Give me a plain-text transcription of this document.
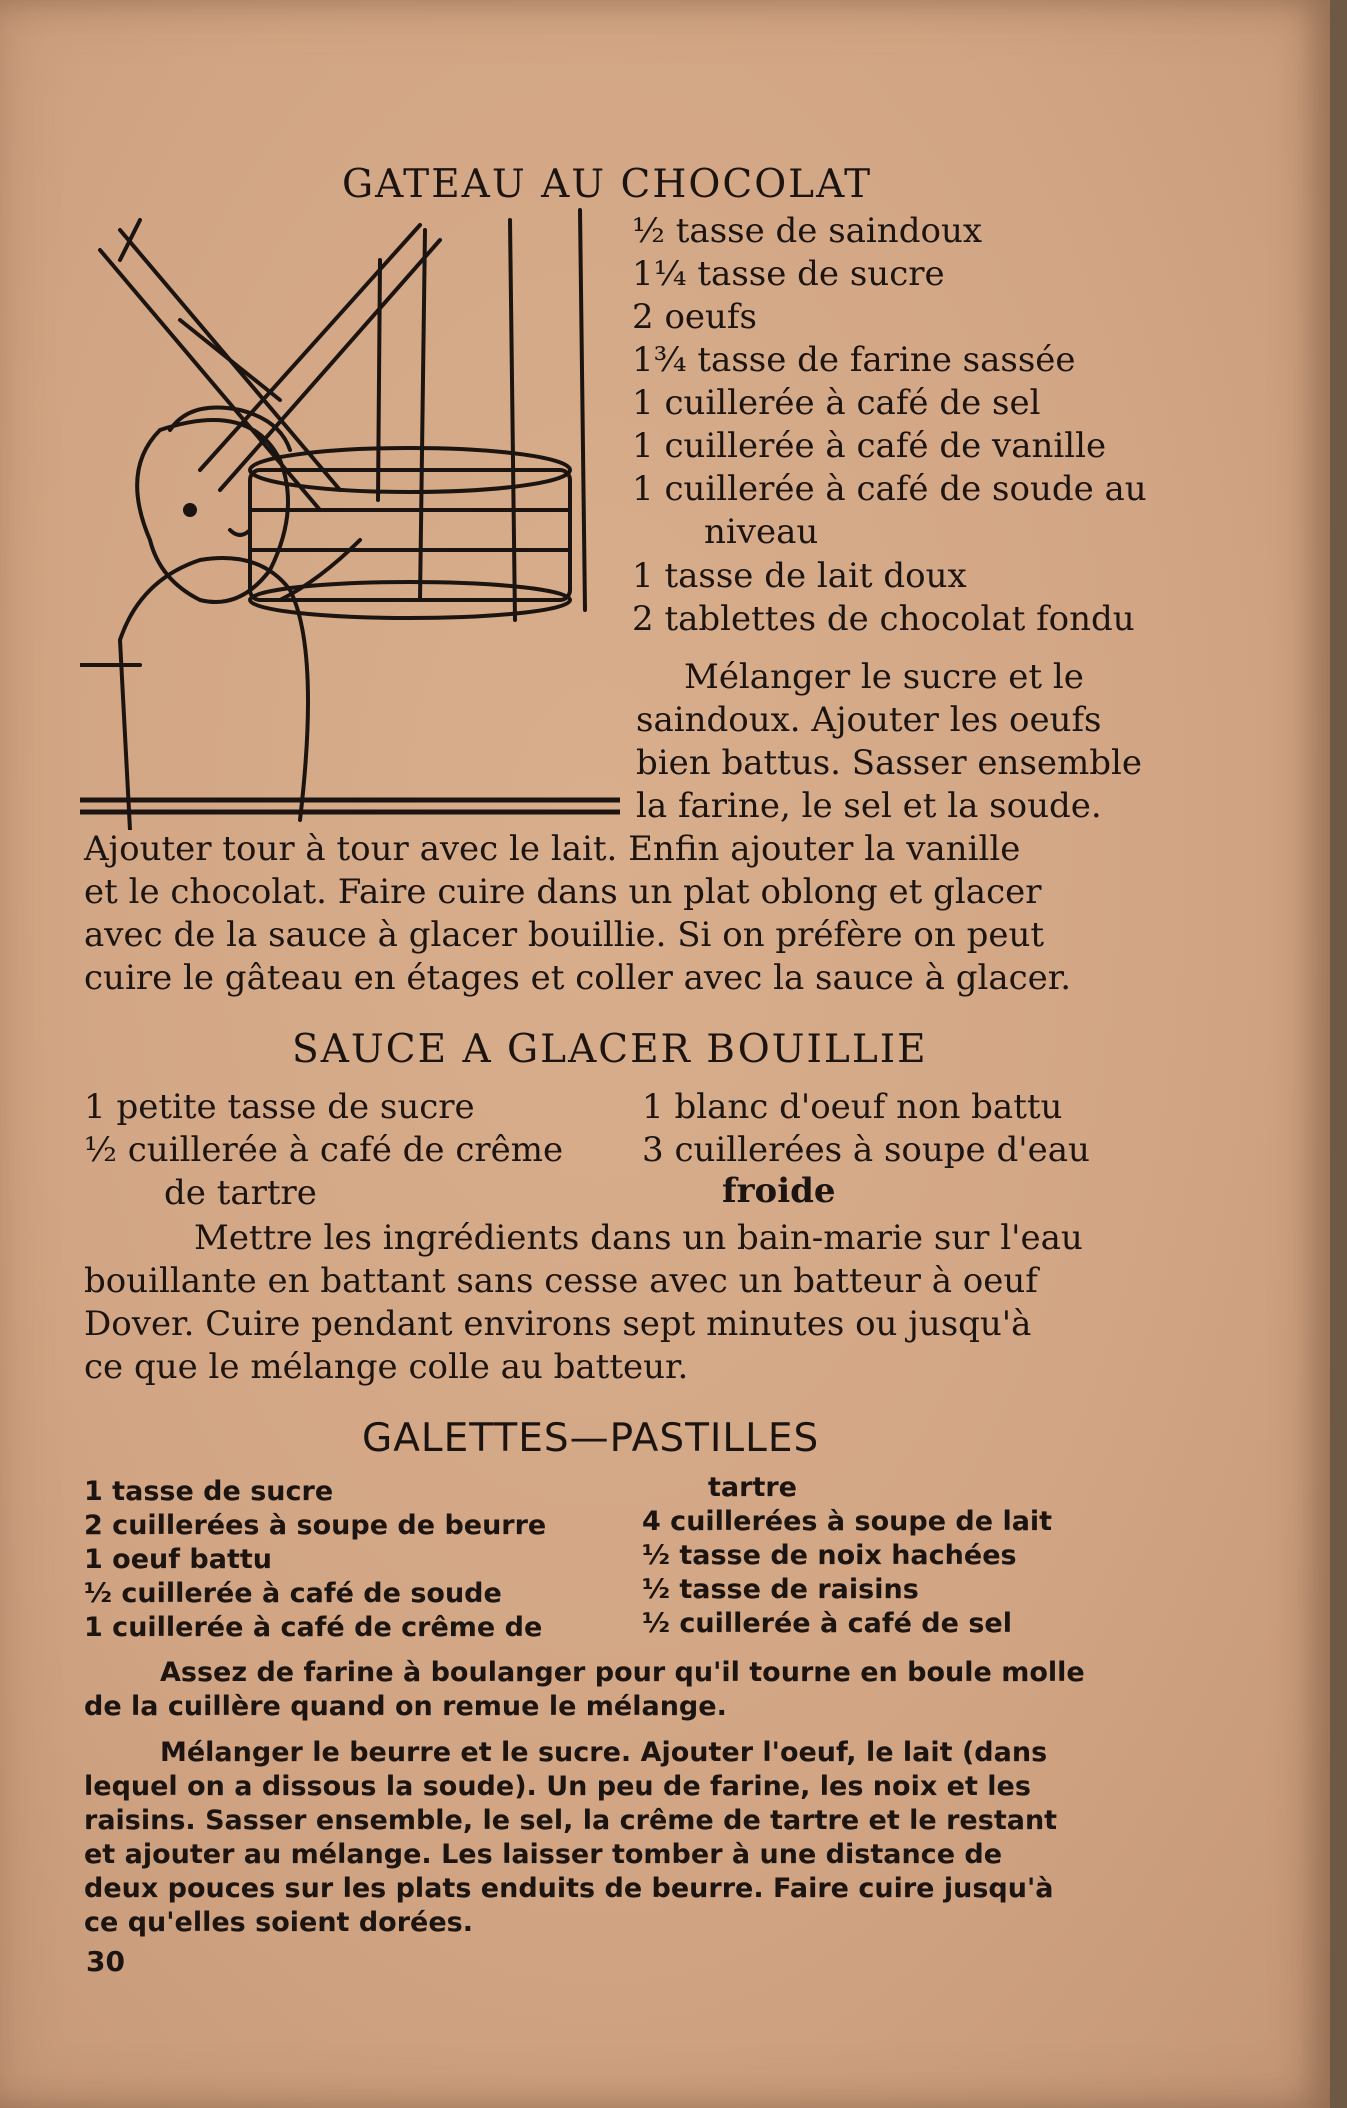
GATEAU AU CHOCOLAT
½ tasse de saindoux
1¼ tasse de sucre
2 oeufs
1¾ tasse de farine sassée
1 cuillerée à café de sel
1 cuillerée à café de vanille
1 cuillerée à café de soude au
niveau
1 tasse de lait doux
2 tablettes de chocolat fondu
Mélanger le sucre et le
saindoux. Ajouter les oeufs
bien battus. Sasser ensemble
la farine, le sel et la soude.
Ajouter tour à tour avec le lait. Enfin ajouter la vanille
et le chocolat. Faire cuire dans un plat oblong et glacer
avec de la sauce à glacer bouillie. Si on préfère on peut
cuire le gâteau en étages et coller avec la sauce à glacer.
SAUCE A GLACER BOUILLIE
1 petite tasse de sucre
½ cuillerée à café de crême
de tartre
1 blanc d'oeuf non battu
3 cuillerées à soupe d'eau
froide
Mettre les ingrédients dans un bain-marie sur l'eau
bouillante en battant sans cesse avec un batteur à oeuf
Dover. Cuire pendant environs sept minutes ou jusqu'à
ce que le mélange colle au batteur.
GALETTES—PASTILLES
1 tasse de sucre
2 cuillerées à soupe de beurre
1 oeuf battu
½ cuillerée à café de soude
1 cuillerée à café de crême de
tartre
4 cuillerées à soupe de lait
½ tasse de noix hachées
½ tasse de raisins
½ cuillerée à café de sel
Assez de farine à boulanger pour qu'il tourne en boule molle
de la cuillère quand on remue le mélange.
Mélanger le beurre et le sucre. Ajouter l'oeuf, le lait (dans
lequel on a dissous la soude). Un peu de farine, les noix et les
raisins. Sasser ensemble, le sel, la crême de tartre et le restant
et ajouter au mélange. Les laisser tomber à une distance de
deux pouces sur les plats enduits de beurre. Faire cuire jusqu'à
ce qu'elles soient dorées.
30
